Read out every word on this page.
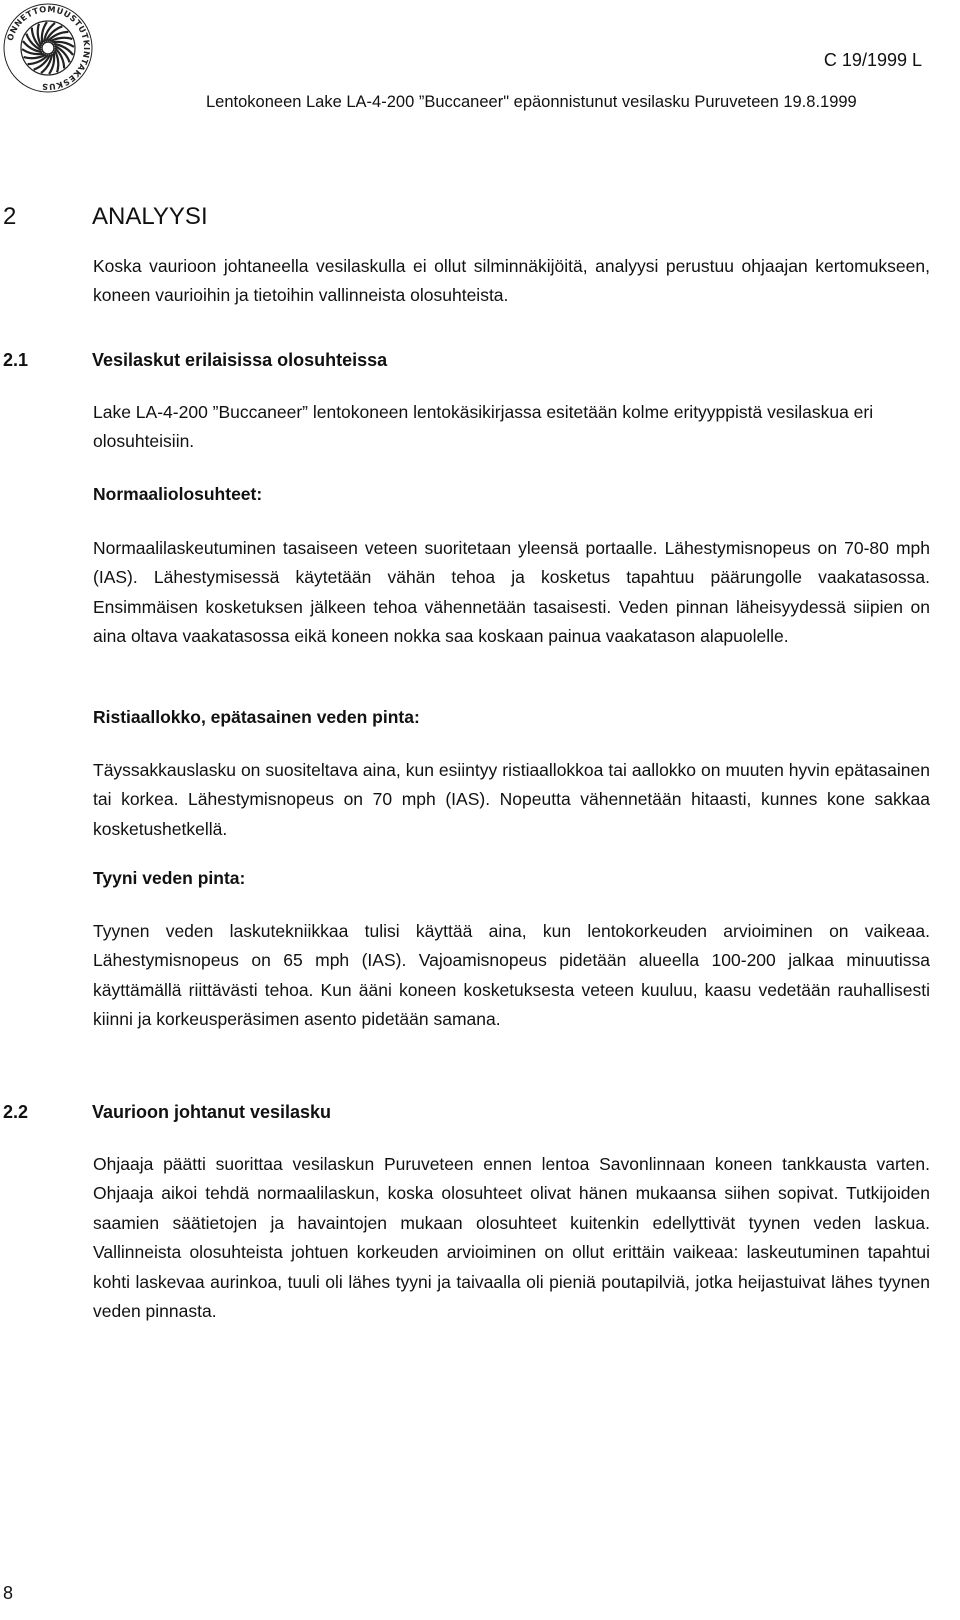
ONNETTOMUUSTUTKINTAKESKUS
C 19/1999 L
Lentokoneen Lake LA-4-200 ”Buccaneer" epäonnistunut vesilasku Puruveteen 19.8.1999
2	ANALYYSI

Koska vaurioon johtaneella vesilaskulla ei ollut silminnäkijöitä, analyysi perustuu ohjaajan kertomukseen, koneen vaurioihin ja tietoihin vallinneista olosuhteista.

2.1	Vesilaskut erilaisissa olosuhteissa

Lake LA-4-200 ”Buccaneer” lentokoneen lentokäsikirjassa esitetään kolme erityyppistä vesilaskua eri olosuhteisiin.

Normaaliolosuhteet:

Normaalilaskeutuminen tasaiseen veteen suoritetaan yleensä portaalle. Lähestymisnopeus on 70-80 mph (IAS). Lähestymisessä käytetään vähän tehoa ja kosketus tapahtuu päärungolle vaakatasossa. Ensimmäisen kosketuksen jälkeen tehoa vähennetään tasaisesti. Veden pinnan läheisyydessä siipien on aina oltava vaakatasossa eikä koneen nokka saa koskaan painua vaakatason alapuolelle.

Ristiaallokko, epätasainen veden pinta:

Täyssakkauslasku on suositeltava aina, kun esiintyy ristiaallokkoa tai aallokko on muuten hyvin epätasainen tai korkea. Lähestymisnopeus on 70 mph (IAS). Nopeutta vähennetään hitaasti, kunnes kone sakkaa kosketushetkellä.

Tyyni veden pinta:

Tyynen veden laskutekniikkaa tulisi käyttää aina, kun lentokorkeuden arvioiminen on vaikeaa. Lähestymisnopeus on 65 mph (IAS). Vajoamisnopeus pidetään alueella 100-200 jalkaa minuutissa käyttämällä riittävästi tehoa. Kun ääni koneen kosketuksesta veteen kuuluu, kaasu vedetään rauhallisesti kiinni ja korkeusperäsimen asento pidetään samana.

2.2	Vaurioon johtanut vesilasku

Ohjaaja päätti suorittaa vesilaskun Puruveteen ennen lentoa Savonlinnaan koneen tankkausta varten. Ohjaaja aikoi tehdä normaalilaskun, koska olosuhteet olivat hänen mukaansa siihen sopivat. Tutkijoiden saamien säätietojen ja havaintojen mukaan olosuhteet kuitenkin edellyttivät tyynen veden laskua. Vallinneista olosuhteista johtuen korkeuden arvioiminen on ollut erittäin vaikeaa: laskeutuminen tapahtui kohti laskevaa aurinkoa, tuuli oli lähes tyyni ja taivaalla oli pieniä poutapilviä, jotka heijastuivat lähes tyynen veden pinnasta.

8
